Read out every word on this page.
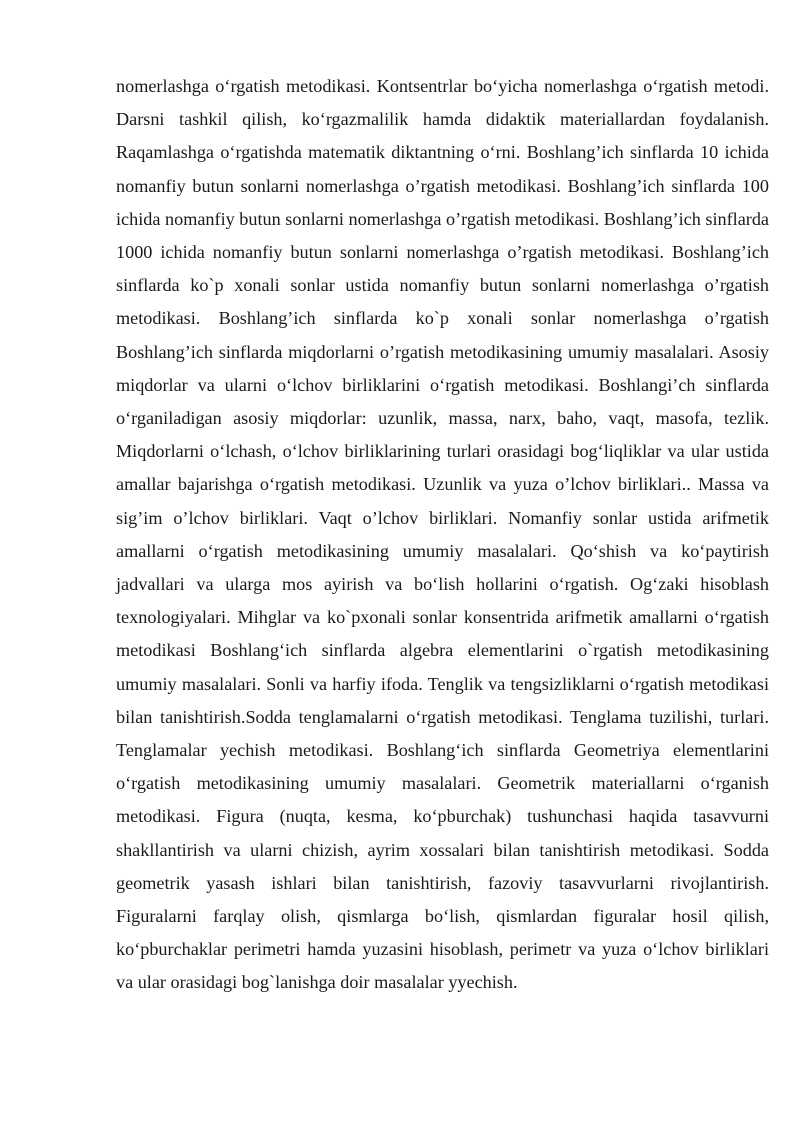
nomerlashga o‘rgatish metodikasi. Kontsentrlar bo‘yicha nomerlashga o‘rgatish metodi. Darsni tashkil qilish, ko‘rgazmalilik hamda didaktik materiallardan foydalanish. Raqamlashga o‘rgatishda matematik diktantning o‘rni. Boshlang’ich sinflarda 10 ichida nomanfiy butun sonlarni nomerlashga o’rgatish metodikasi. Boshlang’ich sinflarda 100 ichida nomanfiy butun sonlarni nomerlashga o’rgatish metodikasi. Boshlang’ich sinflarda 1000 ichida nomanfiy butun sonlarni nomerlashga o’rgatish metodikasi. Boshlang’ich sinflarda ko`p xonali sonlar ustida nomanfiy butun sonlarni nomerlashga o’rgatish metodikasi. Boshlang’ich sinflarda ko`p xonali sonlar nomerlashga o’rgatish Boshlang’ich sinflarda miqdorlarni o’rgatish metodikasining umumiy masalalari. Asosiy miqdorlar va ularni o‘lchov birliklarini o‘rgatish metodikasi. Boshlangi’ch sinflarda o‘rganiladigan asosiy miqdorlar: uzunlik, massa, narx, baho, vaqt, masofa, tezlik. Miqdorlarni o‘lchash, o‘lchov birliklarining turlari orasidagi bog‘liqliklar va ular ustida amallar bajarishga o‘rgatish metodikasi. Uzunlik va yuza o’lchov birliklari.. Massa va sig’im o’lchov birliklari. Vaqt o’lchov birliklari. Nomanfiy sonlar ustida arifmetik amallarni o‘rgatish metodikasining umumiy masalalari. Qo‘shish va ko‘paytirish jadvallari va ularga mos ayirish va bo‘lish hollarini o‘rgatish. Og‘zaki hisoblash texnologiyalari. Mihglar va ko`pxonali sonlar konsentrida arifmetik amallarni o‘rgatish metodikasi Boshlang‘ich sinflarda algebra elementlarini o`rgatish metodikasining umumiy masalalari. Sonli va harfiy ifoda. Tenglik va tengsizliklarni o‘rgatish metodikasi bilan tanishtirish.Sodda tenglamalarni o‘rgatish metodikasi. Tenglama tuzilishi, turlari. Tenglamalar yechish metodikasi. Boshlang‘ich sinflarda Geometriya elementlarini o‘rgatish metodikasining umumiy masalalari. Geometrik materiallarni o‘rganish metodikasi. Figura (nuqta, kesma, ko‘pburchak) tushunchasi haqida tasavvurni shakllantirish va ularni chizish, ayrim xossalari bilan tanishtirish metodikasi. Sodda geometrik yasash ishlari bilan tanishtirish, fazoviy tasavvurlarni rivojlantirish. Figuralarni farqlay olish, qismlarga bo‘lish, qismlardan figuralar hosil qilish, ko‘pburchaklar perimetri hamda yuzasini hisoblash, perimetr va yuza o‘lchov birliklari va ular orasidagi bog`lanishga doir masalalar yyechish.
